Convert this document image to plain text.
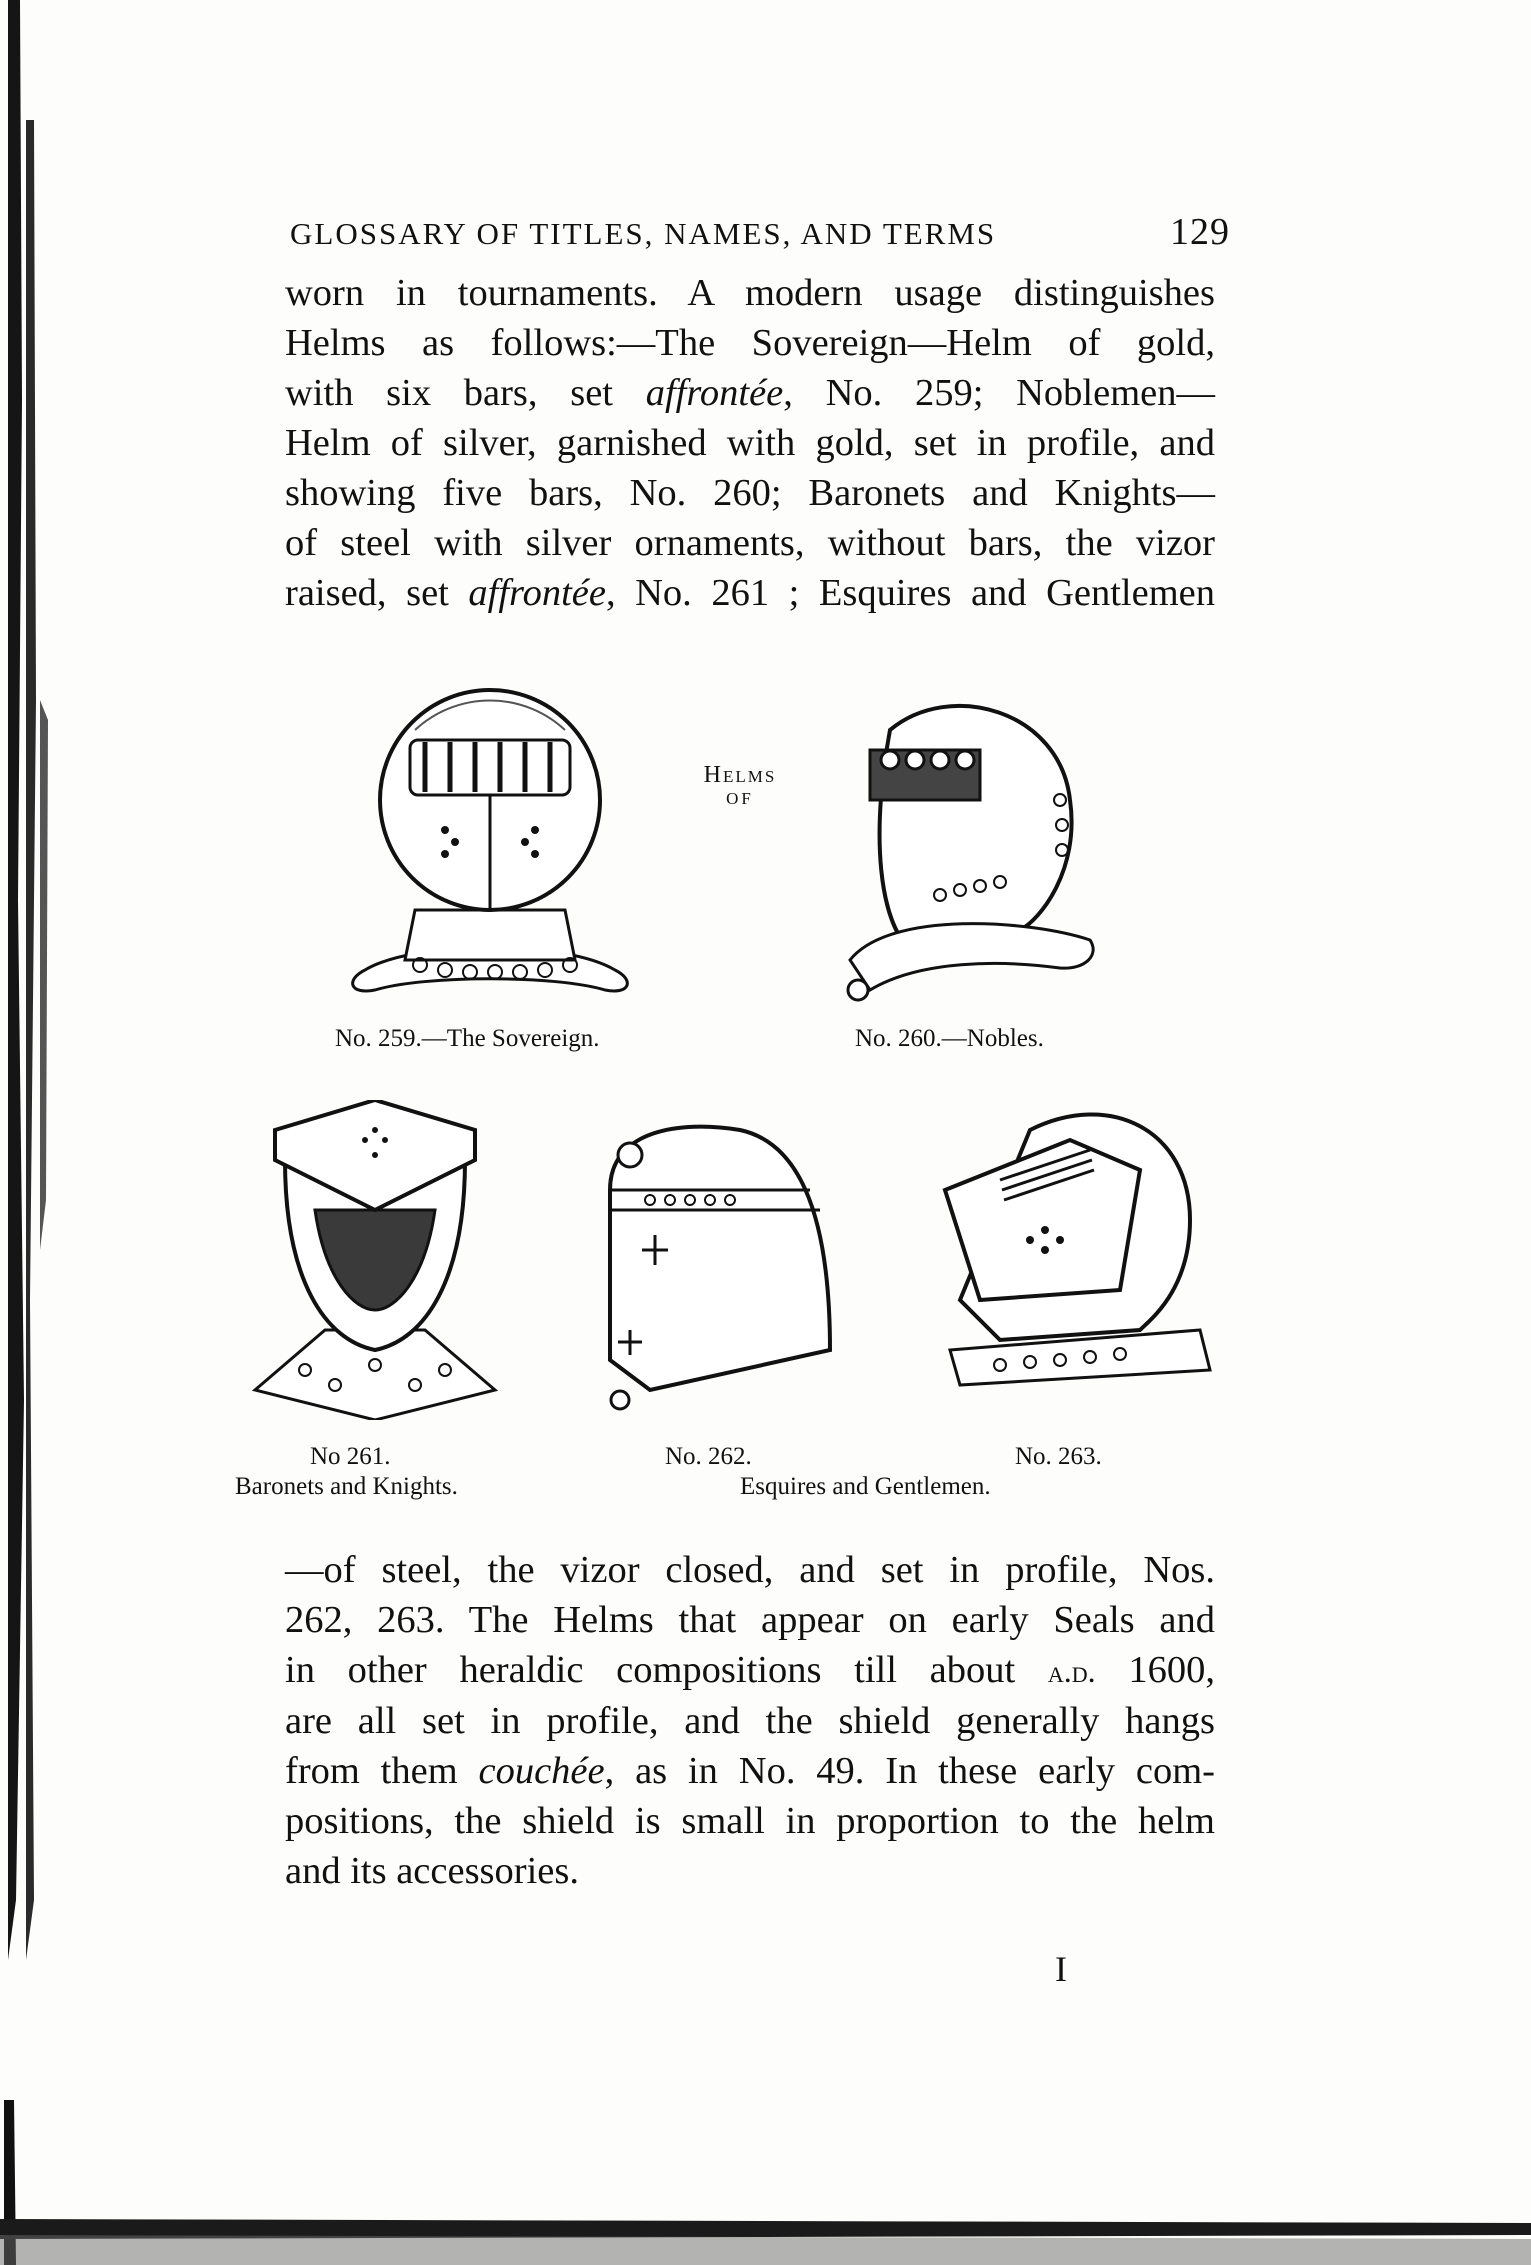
GLOSSARY OF TITLES, NAMES, AND TERMS	129
worn in tournaments. A modern usage distinguishes
Helms as follows:—The Sovereign—Helm of gold,
with six bars, set affrontée, No. 259; Noblemen—
Helm of silver, garnished with gold, set in profile, and
showing five bars, No. 260; Baronets and Knights—
of steel with silver ornaments, without bars, the vizor
raised, set affrontée, No. 261 ; Esquires and Gentlemen
No. 259.—The Sovereign.
Helms
OF
No. 260.—Nobles.
No 261.
Baronets and Knights.
No. 262.	No. 263.
Esquires and Gentlemen.
—of steel, the vizor closed, and set in profile, Nos.
262, 263. The Helms that appear on early Seals and
in other heraldic compositions till about a.d. 1600,
are all set in profile, and the shield generally hangs
from them couchée, as in No. 49. In these early com-
positions, the shield is small in proportion to the helm
and its accessories.
I
